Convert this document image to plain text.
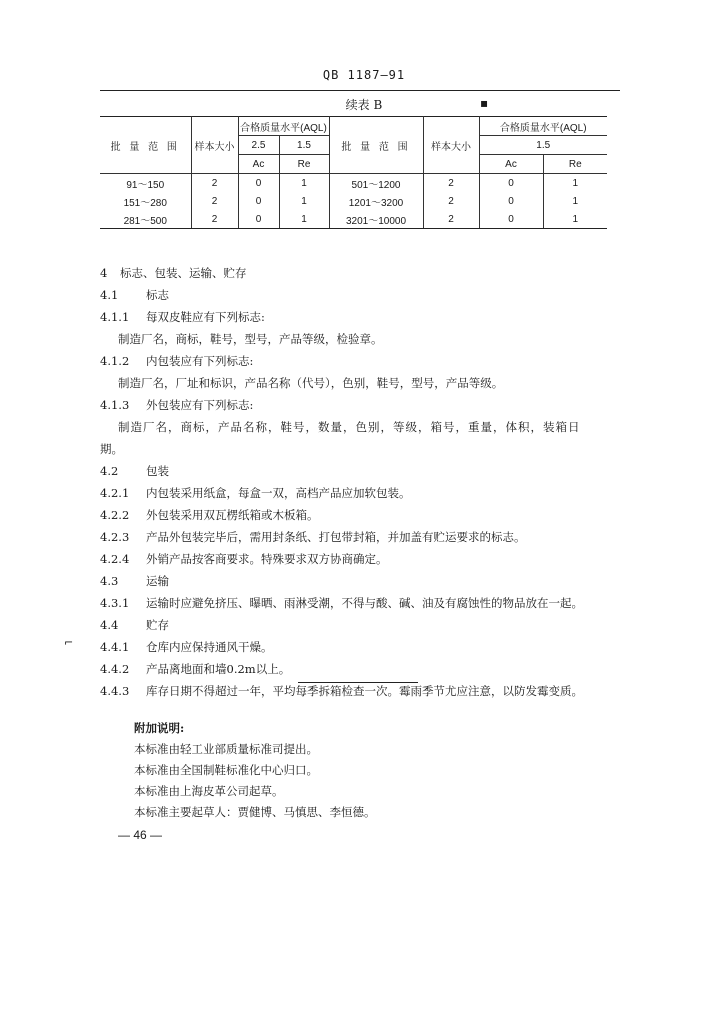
QB 1187—91
续表 B	▪
批 量 范 围	样本大小	合格质量水平(AQL)		批 量 范 围	样本大小	合格质量水平(AQL)	
		2.5	1.5			1.5	
		Ac	Re			Ac	Re
91～150	2	0	1	501～1200	2	0	1
151～280	2	0	1	1201～3200	2	0	1
281～500	2	0	1	3201～10000	2	0	1
4 标志、包装、运输、贮存
4.1 标志
4.1.1 每双皮鞋应有下列标志:
制造厂名，商标，鞋号，型号，产品等级，检验章。
4.1.2 内包装应有下列标志:
制造厂名，厂址和标识，产品名称（代号），色别，鞋号，型号，产品等级。
4.1.3 外包装应有下列标志:
制造厂名，商标，产品名称，鞋号，数量，色别，等级，箱号，重量，体积，装箱日
期。
4.2 包装
4.2.1 内包装采用纸盒，每盒一双，高档产品应加软包装。
4.2.2 外包装采用双瓦楞纸箱或木板箱。
4.2.3 产品外包装完毕后，需用封条纸、打包带封箱，并加盖有贮运要求的标志。
4.2.4 外销产品按客商要求。特殊要求双方协商确定。
4.3 运输
4.3.1 运输时应避免挤压、曝晒、雨淋受潮，不得与酸、碱、油及有腐蚀性的物品放在一起。
4.4 贮存
4.4.1 仓库内应保持通风干燥。
4.4.2 产品离地面和墙0.2m以上。
4.4.3 库存日期不得超过一年，平均每季拆箱检查一次。霉雨季节尤应注意，以防发霉变质。
⌐
附加说明:
本标准由轻工业部质量标准司提出。
本标准由全国制鞋标准化中心归口。
本标准由上海皮革公司起草。
本标准主要起草人：贾健博、马慎思、李恒德。
— 46 —
